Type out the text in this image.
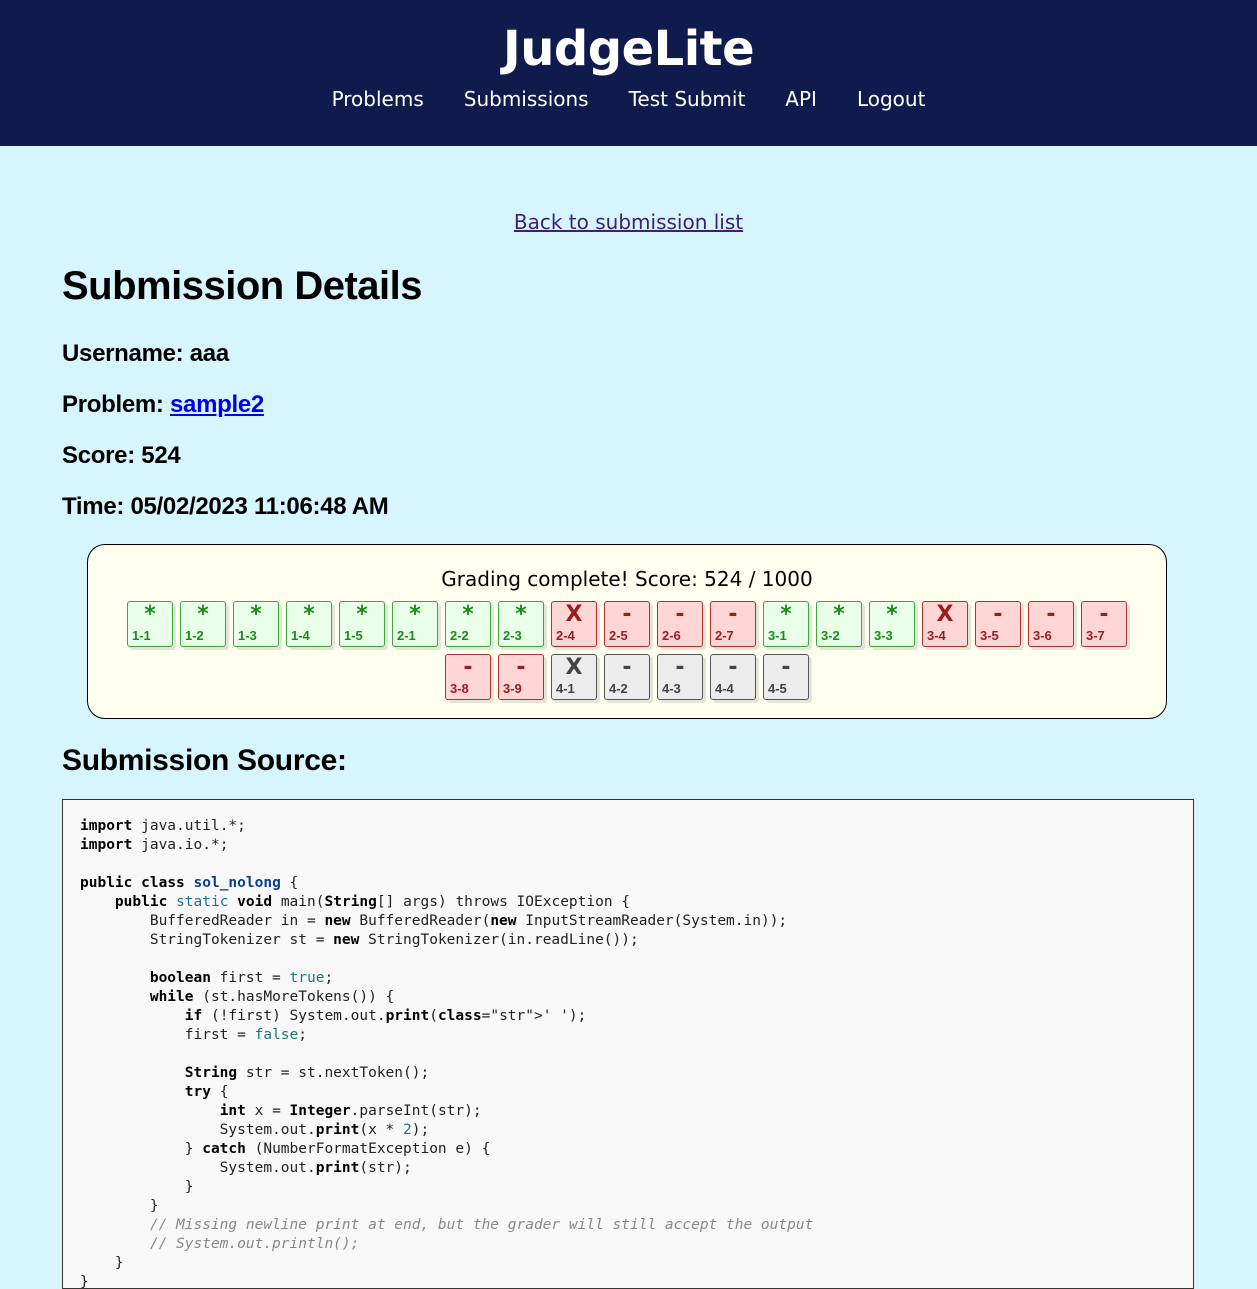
JudgeLite
Problems Submissions Test Submit API Logout
Back to submission list
Submission Details

Username: aaa

Problem: sample2

Score: 524

Time: 05/02/2023 11:06:48 AM

Grading complete! Score: 524 / 1000
*
1-1
*
1-2
*
1-3
*
1-4
*
1-5
*
2-1
*
2-2
*
2-3
X
2-4
-
2-5
-
2-6
-
2-7
*
3-1
*
3-2
*
3-3
X
3-4
-
3-5
-
3-6
-
3-7
-
3-8
-
3-9
X
4-1
-
4-2
-
4-3
-
4-4
-
4-5
Submission Source:
import java.util.*;
import java.io.*;

public class sol_nolong {
public static void main(String[] args) throws IOException {
BufferedReader in = new BufferedReader(new InputStreamReader(System.in));
StringTokenizer st = new StringTokenizer(in.readLine());

boolean first = true;
while (st.hasMoreTokens()) {
if (!first) System.out.print(class="str">' ');
first = false;

String str = st.nextToken();
try {
int x = Integer.parseInt(str);
System.out.print(x * 2);
} catch (NumberFormatException e) {
System.out.print(str);
}
}
// Missing newline print at end, but the grader will still accept the output
// System.out.println();
}
}
